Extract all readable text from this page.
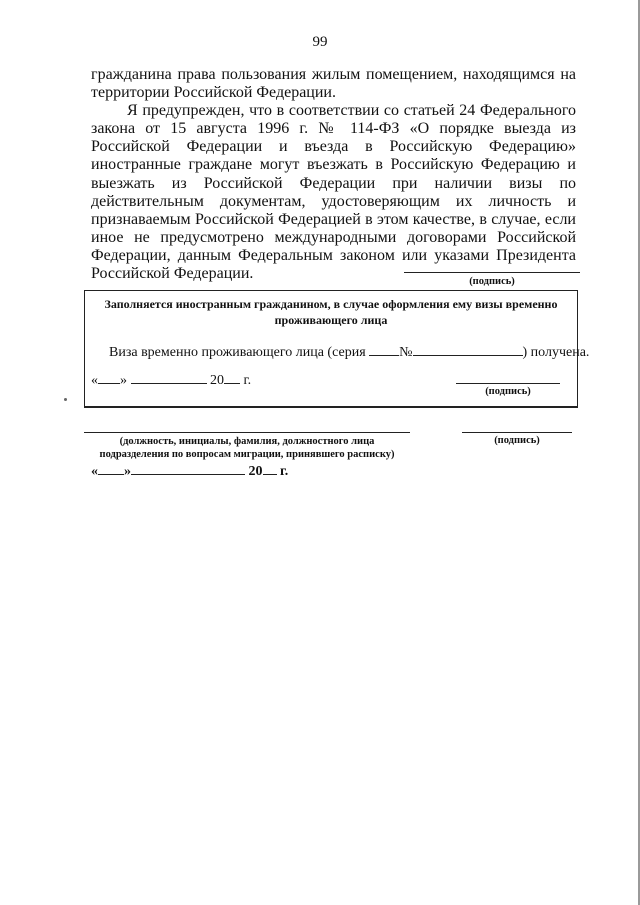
99

гражданина права пользования жилым помещением, находящимся на территории Российской Федерации.

Я предупрежден, что в соответствии со статьей 24 Федерального закона от 15 августа 1996 г. № 114-ФЗ «О порядке выезда из Российской Федерации и въезда в Российскую Федерацию» иностранные граждане могут въезжать в Российскую Федерацию и выезжать из Российской Федерации при наличии визы по действительным документам, удостоверяющим их личность и признаваемым Российской Федерацией в этом качестве, в случае, если иное не предусмотрено международными договорами Российской Федерации, данным Федеральным законом или указами Президента Российской Федерации.	(подпись)
Заполняется иностранным гражданином, в случае оформления ему визы временно проживающего лица
Виза временно проживающего лица (серия №	) получена.
« »	20 г.
(подпись)
(должность, инициалы, фамилия, должностного лица
подразделения по вопросам миграции, принявшего расписку)
(подпись)
« »	20 г.
